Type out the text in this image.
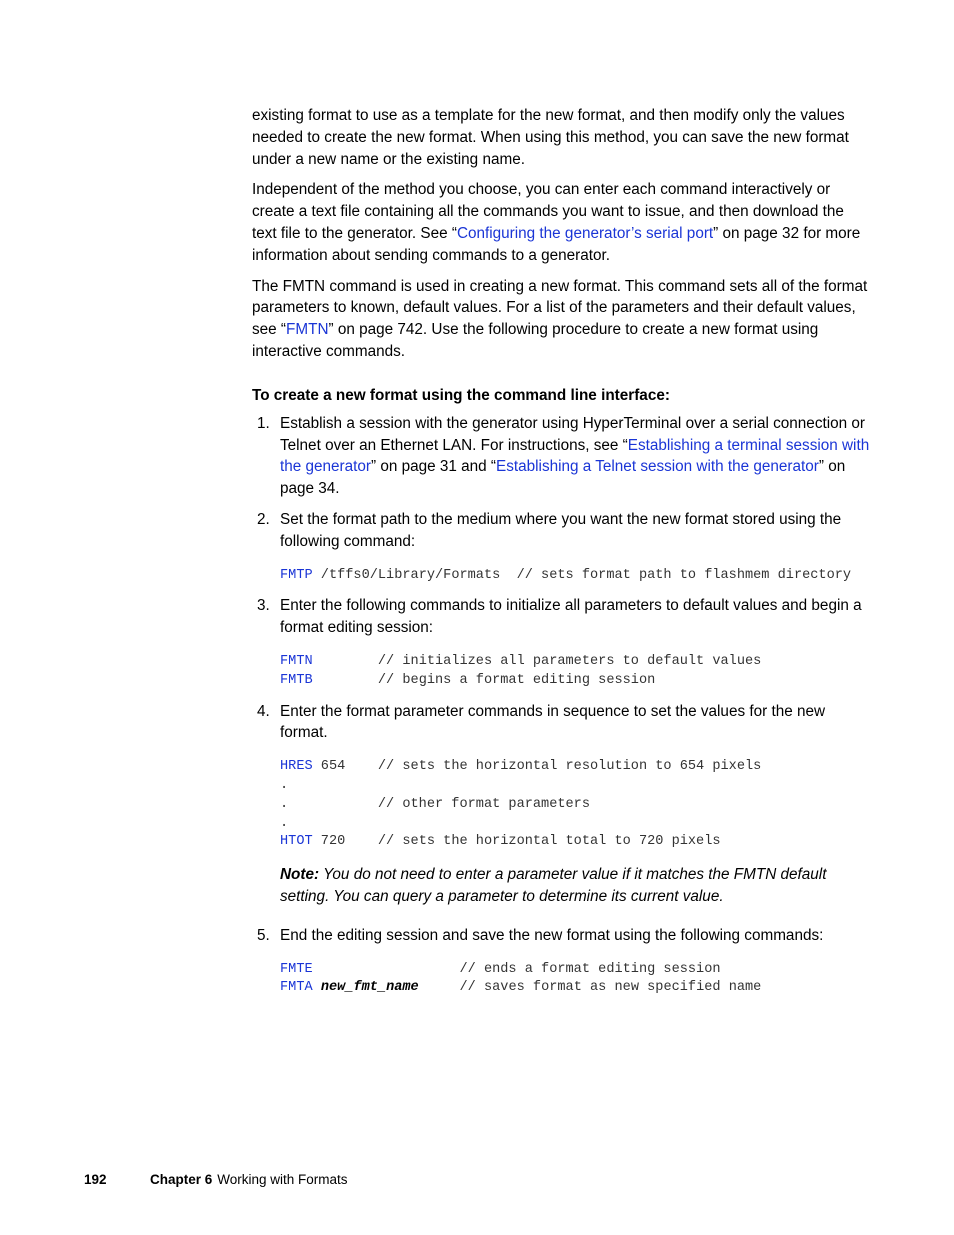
existing format to use as a template for the new format, and then modify only the values needed to create the new format. When using this method, you can save the new format under a new name or the existing name.

Independent of the method you choose, you can enter each command interactively or create a text file containing all the commands you want to issue, and then download the text file to the generator. See “Configuring the generator’s serial port” on page 32 for more information about sending commands to a generator.

The FMTN command is used in creating a new format. This command sets all of the format parameters to known, default values. For a list of the parameters and their default values, see “FMTN” on page 742. Use the following procedure to create a new format using interactive commands.

To create a new format using the command line interface:
1. Establish a session with the generator using HyperTerminal over a serial connection or Telnet over an Ethernet LAN. For instructions, see “Establishing a terminal session with the generator” on page 31 and “Establishing a Telnet session with the generator” on page 34.
2. Set the format path to the medium where you want the new format stored using the following command:
FMTP /tffs0/Library/Formats  // sets format path to flashmem directory
3. Enter the following commands to initialize all parameters to default values and begin a format editing session:
FMTN        // initializes all parameters to default values
FMTB        // begins a format editing session
4. Enter the format parameter commands in sequence to set the values for the new format.
HRES 654    // sets the horizontal resolution to 654 pixels
.
.           // other format parameters
.
HTOT 720    // sets the horizontal total to 720 pixels
Note: You do not need to enter a parameter value if it matches the FMTN default setting. You can query a parameter to determine its current value.
5. End the editing session and save the new format using the following commands:
FMTE                  // ends a format editing session
FMTA new_fmt_name     // saves format as new specified name
192	Chapter 6 Working with Formats
